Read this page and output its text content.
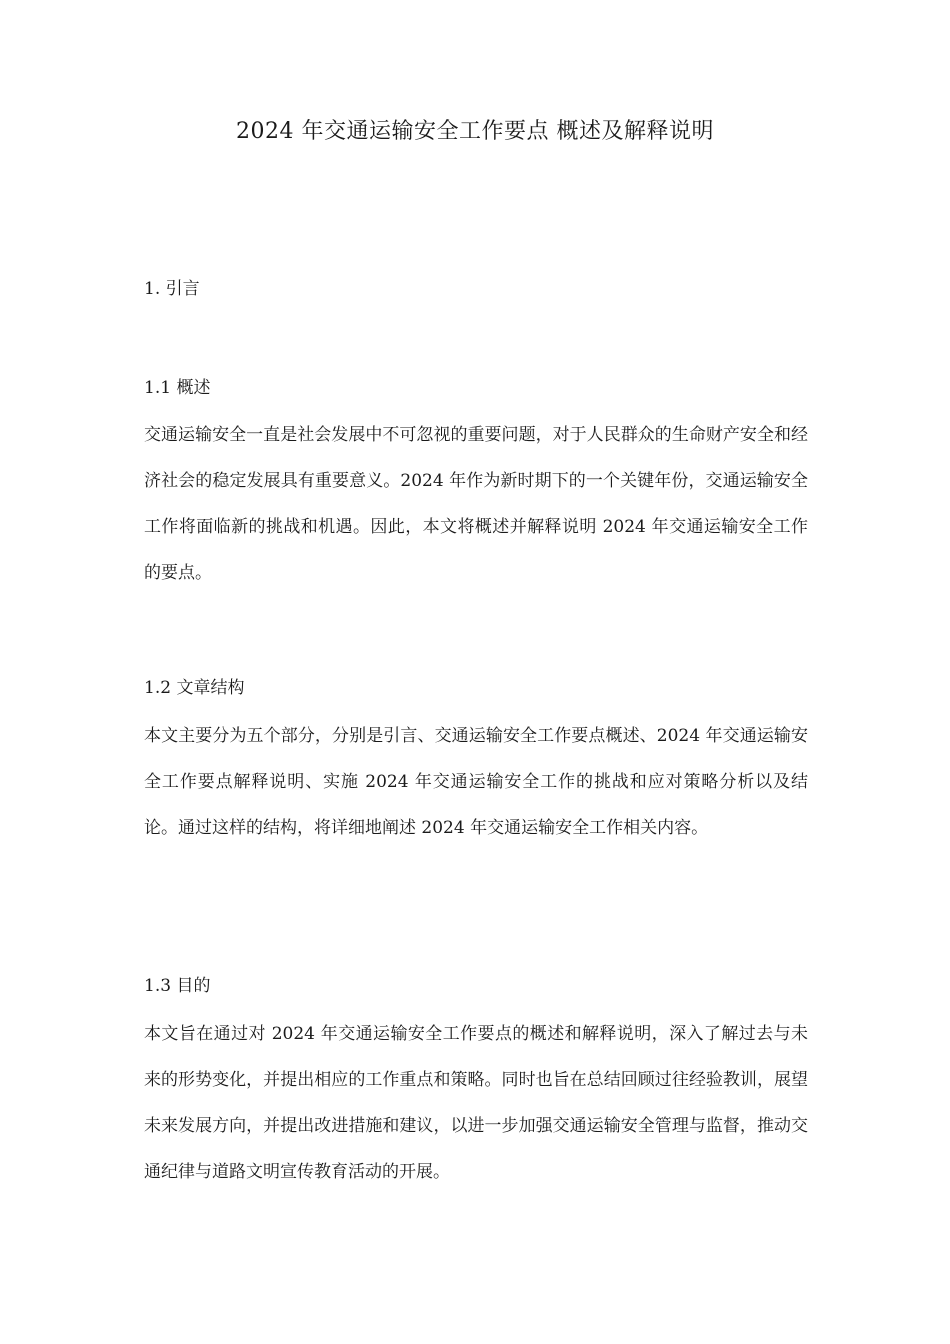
2024 年交通运输安全工作要点 概述及解释说明
1. 引言
1.1 概述

交通运输安全一直是社会发展中不可忽视的重要问题，对于人民群众的生命财产安全和经济社会的稳定发展具有重要意义。2024 年作为新时期下的一个关键年份，交通运输安全工作将面临新的挑战和机遇。因此，本文将概述并解释说明 2024 年交通运输安全工作的要点。

1.2 文章结构

本文主要分为五个部分，分别是引言、交通运输安全工作要点概述、2024 年交通运输安全工作要点解释说明、实施 2024 年交通运输安全工作的挑战和应对策略分析以及结论。通过这样的结构，将详细地阐述 2024 年交通运输安全工作相关内容。

1.3 目的

本文旨在通过对 2024 年交通运输安全工作要点的概述和解释说明，深入了解过去与未来的形势变化，并提出相应的工作重点和策略。同时也旨在总结回顾过往经验教训，展望未来发展方向，并提出改进措施和建议，以进一步加强交通运输安全管理与监督，推动交通纪律与道路文明宣传教育活动的开展。
